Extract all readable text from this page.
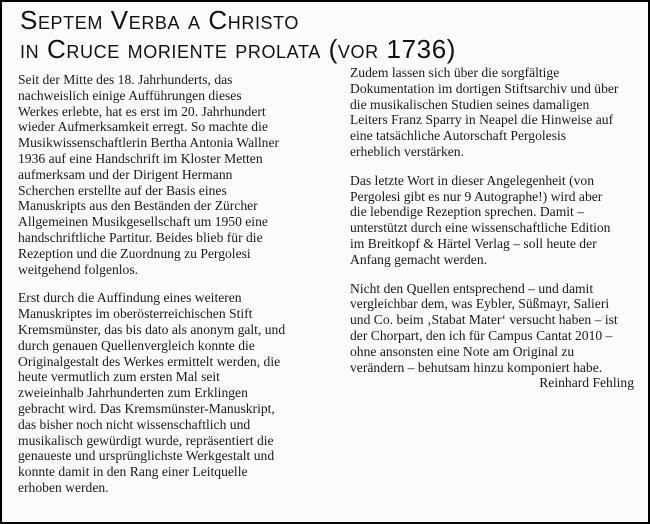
Septem Verba a Christo
in Cruce moriente prolata (vor 1736)

Seit der Mitte des 18. Jahrhunderts, das
nachweislich einige Aufführungen dieses
Werkes erlebte, hat es erst im 20. Jahrhundert
wieder Aufmerksamkeit erregt. So machte die
Musikwissenschaftlerin Bertha Antonia Wallner
1936 auf eine Handschrift im Kloster Metten
aufmerksam und der Dirigent Hermann
Scherchen erstellte auf der Basis eines
Manuskripts aus den Beständen der Zürcher
Allgemeinen Musikgesellschaft um 1950 eine
handschriftliche Partitur. Beides blieb für die
Rezeption und die Zuordnung zu Pergolesi
weitgehend folgenlos.

Erst durch die Auffindung eines weiteren
Manuskriptes im oberösterreichischen Stift
Kremsmünster, das bis dato als anonym galt, und
durch genauen Quellenvergleich konnte die
Originalgestalt des Werkes ermittelt werden, die
heute vermutlich zum ersten Mal seit
zweieinhalb Jahrhunderten zum Erklingen
gebracht wird. Das Kremsmünster-Manuskript,
das bisher noch nicht wissenschaftlich und
musikalisch gewürdigt wurde, repräsentiert die
genaueste und ursprünglichste Werkgestalt und
konnte damit in den Rang einer Leitquelle
erhoben werden.

Zudem lassen sich über die sorgfältige
Dokumentation im dortigen Stiftsarchiv und über
die musikalischen Studien seines damaligen
Leiters Franz Sparry in Neapel die Hinweise auf
eine tatsächliche Autorschaft Pergolesis
erheblich verstärken.

Das letzte Wort in dieser Angelegenheit (von
Pergolesi gibt es nur 9 Autographe!) wird aber
die lebendige Rezeption sprechen. Damit –
unterstützt durch eine wissenschaftliche Edition
im Breitkopf & Härtel Verlag – soll heute der
Anfang gemacht werden.

Nicht den Quellen entsprechend – und damit
vergleichbar dem, was Eybler, Süßmayr, Salieri
und Co. beim ‚Stabat Mater‘ versucht haben – ist
der Chorpart, den ich für Campus Cantat 2010 –
ohne ansonsten eine Note am Original zu
verändern – behutsam hinzu komponiert habe.

Reinhard Fehling
